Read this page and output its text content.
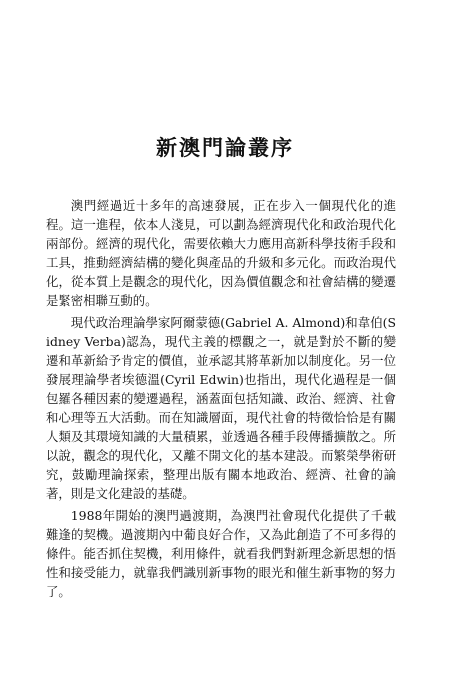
新澳門論叢序

澳門經過近十多年的高速發展，正在步入一個現代化的進程。這一進程，依本人淺見，可以劃為經濟現代化和政治現代化兩部份。經濟的現代化，需要依賴大力應用高新科學技術手段和工具，推動經濟結構的變化與產品的升級和多元化。而政治現代化，從本質上是觀念的現代化，因為價值觀念和社會結構的變遷是緊密相聯互動的。

現代政治理論學家阿爾蒙德(Gabriel A. Almond)和韋伯(Sidney Verba)認為，現代主義的標觀之一，就是對於不斷的變遷和革新給予肯定的價值，並承認其將革新加以制度化。另一位發展理論學者埃德溫(Cyril Edwin)也指出，現代化過程是一個包羅各種因素的變遷過程，涵蓋面包括知識、政治、經濟、社會和心理等五大活動。而在知識層面，現代社會的特徵恰恰是有關人類及其環境知識的大量積累，並透過各種手段傳播擴散之。所以說，觀念的現代化，又離不開文化的基本建設。而繁榮學術研究，鼓勵理論探索，整理出版有關本地政治、經濟、社會的論著，則是文化建設的基礎。

1988年開始的澳門過渡期，為澳門社會現代化提供了千載難逢的契機。過渡期內中葡良好合作，又為此創造了不可多得的條件。能否抓住契機，利用條件，就看我們對新理念新思想的悟性和接受能力，就靠我們識別新事物的眼光和催生新事物的努力了。
